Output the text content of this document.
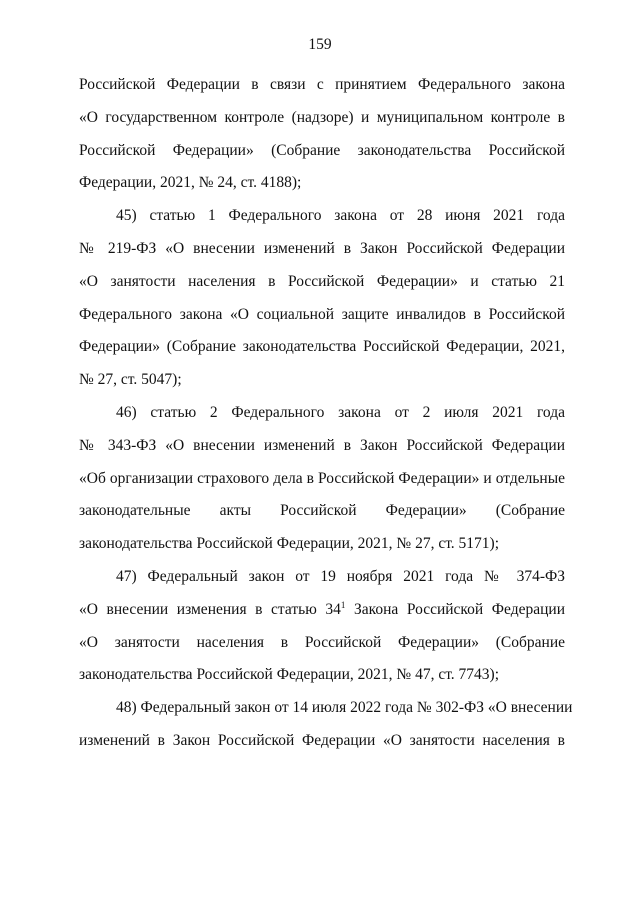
159
Российской Федерации в связи с принятием Федерального закона
«О государственном контроле (надзоре) и муниципальном контроле в
Российской Федерации» (Собрание законодательства Российской
Федерации, 2021, № 24, ст. 4188);
45) статью 1 Федерального закона от 28 июня 2021 года
№ 219-ФЗ «О внесении изменений в Закон Российской Федерации
«О занятости населения в Российской Федерации» и статью 21
Федерального закона «О социальной защите инвалидов в Российской
Федерации» (Собрание законодательства Российской Федерации, 2021,
№ 27, ст. 5047);
46) статью 2 Федерального закона от 2 июля 2021 года
№ 343-ФЗ «О внесении изменений в Закон Российской Федерации
«Об организации страхового дела в Российской Федерации» и отдельные
законодательные акты Российской Федерации» (Собрание
законодательства Российской Федерации, 2021, № 27, ст. 5171);
47) Федеральный закон от 19 ноября 2021 года № 374-ФЗ
«О внесении изменения в статью $34^1$ Закона Российской Федерации
«О занятости населения в Российской Федерации» (Собрание
законодательства Российской Федерации, 2021, № 47, ст. 7743);
48) Федеральный закон от 14 июля 2022 года № 302-ФЗ «О внесении
изменений в Закон Российской Федерации «О занятости населения в
